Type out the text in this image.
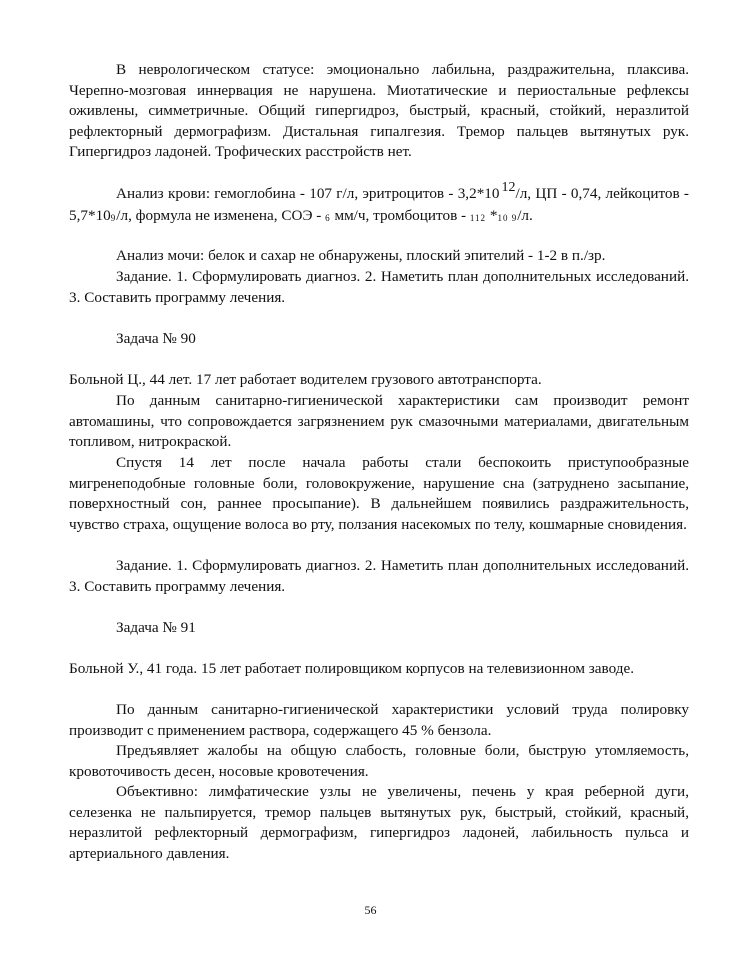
В неврологическом статусе: эмоционально лабильна, раздражительна, плаксива. Черепно-мозговая иннервация не нарушена. Миотатические и периостальные рефлексы оживлены, симметричные. Общий гипергидроз, быстрый, красный, стойкий, неразлитой рефлекторный дермографизм. Дистальная гипалгезия. Тремор пальцев вытянутых рук. Гипергидроз ладоней. Трофических расстройств нет.

Анализ крови: гемоглобина - 107 г/л, эритроцитов - 3,2*10 12/л, ЦП - 0,74, лейкоцитов - 5,7*109/л, формула не изменена, СОЭ - 6 мм/ч, тромбоцитов - 112 *10 9/л.

Анализ мочи: белок и сахар не обнаружены, плоский эпителий - 1-2 в п./зр.

Задание. 1. Сформулировать диагноз. 2. Наметить план дополнительных исследований. 3. Составить программу лечения.

Задача № 90

Больной Ц., 44 лет. 17 лет работает водителем грузового автотранспорта.

По данным санитарно-гигиенической характеристики сам производит ремонт автомашины, что сопровождается загрязнением рук смазочными материалами, двигательным топливом, нитрокраской.

Спустя 14 лет после начала работы стали беспокоить приступообразные мигренеподобные головные боли, головокружение, нарушение сна (затруднено засыпание, поверхностный сон, раннее просыпание). В дальнейшем появились раздражительность, чувство страха, ощущение волоса во рту, ползания насекомых по телу, кошмарные сновидения.

Задание. 1. Сформулировать диагноз. 2. Наметить план дополнительных исследований. 3. Составить программу лечения.

Задача № 91

Больной У., 41 года. 15 лет работает полировщиком корпусов на телевизионном заводе.

По данным санитарно-гигиенической характеристики условий труда полировку производит с применением раствора, содержащего 45 % бензола.

Предъявляет жалобы на общую слабость, головные боли, быструю утомляемость, кровоточивость десен, носовые кровотечения.

Объективно: лимфатические узлы не увеличены, печень у края реберной дуги, селезенка не пальпируется, тремор пальцев вытянутых рук, быстрый, стойкий, красный, неразлитой рефлекторный дермографизм, гипергидроз ладоней, лабильность пульса и артериального давления.

56
